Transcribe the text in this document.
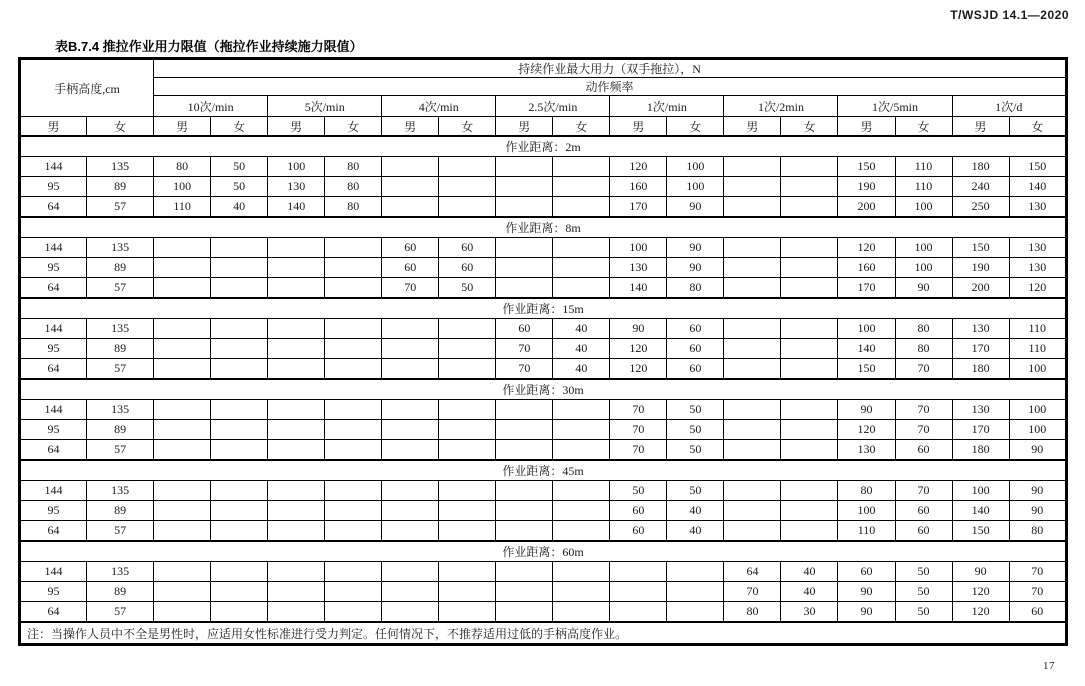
T/WSJD 14.1—2020
表B.7.4 推拉作业用力限值（拖拉作业持续施力限值）
手柄高度,cm		持续作业最大用力（双手拖拉），N															
		动作频率															
		10次/min		5次/min		4次/min		2.5次/min		1次/min		1次/2min		1次/5min		1次/d	
男	女	男	女	男	女	男	女	男	女	男	女	男	女	男	女	男	女
作业距离：2m																	
144	135	80	50	100	80					120	100			150	110	180	150
95	89	100	50	130	80					160	100			190	110	240	140
64	57	110	40	140	80					170	90			200	100	250	130
作业距离：8m																	
144	135					60	60			100	90			120	100	150	130
95	89					60	60			130	90			160	100	190	130
64	57					70	50			140	80			170	90	200	120
作业距离：15m																	
144	135							60	40	90	60			100	80	130	110
95	89							70	40	120	60			140	80	170	110
64	57							70	40	120	60			150	70	180	100
作业距离：30m																	
144	135									70	50			90	70	130	100
95	89									70	50			120	70	170	100
64	57									70	50			130	60	180	90
作业距离：45m																	
144	135									50	50			80	70	100	90
95	89									60	40			100	60	140	90
64	57									60	40			110	60	150	80
作业距离：60m																	
144	135											64	40	60	50	90	70
95	89											70	40	90	50	120	70
64	57											80	30	90	50	120	60
注：当操作人员中不全是男性时，应适用女性标准进行受力判定。任何情况下，不推荐适用过低的手柄高度作业。																	
17
